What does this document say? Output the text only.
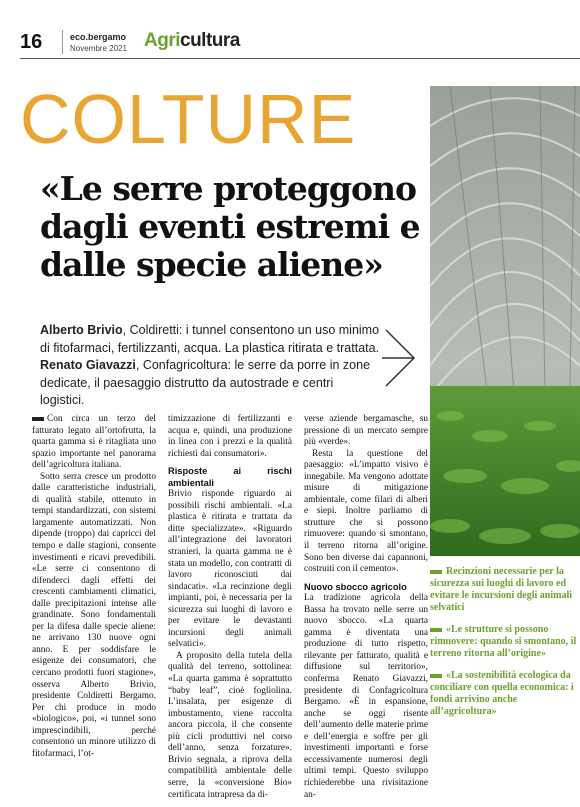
16	eco.bergamo
Novembre 2021 Agricultura
COLTURE
«Le serre proteggono dagli eventi estremi e dalle specie aliene»
Alberto Brivio, Coldiretti: i tunnel consentono un uso minimo di fitofarmaci, fertilizzanti, acqua. La plastica ritirata e trattata. Renato Giavazzi, Confagricoltura: le serre da porre in zone dedicate, il paesaggio distrutto da autostrade e centri logistici.

Con circa un terzo del fatturato legato all’ortofrutta, la quarta gamma si è ritagliata uno spazio importante nel panorama dell’agricoltura italiana.

Sotto serra cresce un prodotto dalle caratteristiche industriali, di qualità stabile, ottenuto in tempi standardizzati, con sistemi largamente automatizzati. Non dipende (troppo) dai capricci del tempo e dalle stagioni, consente investimenti e ricavi prevedibili. «Le serre ci consentono di difenderci dagli effetti dei crescenti cambiamenti climatici, dalle precipitazioni intense alle grandinate. Sono fondamentali per la difesa dalle specie aliene: ne arrivano 130 nuove ogni anno. E per soddisfare le esigenze dei consumatori, che cercano prodotti fuori stagione», osserva Alberto Brivio, presidente Coldiretti Bergamo. Per chi produce in modo «biologico», poi, «i tunnel sono imprescindibili, perché consentono un minore utilizzo di fitofarmaci, l’ot-

timizzazione di fertilizzanti e acqua e, quindi, una produzione in linea con i prezzi e la qualità richiesti dai consumatori».

Risposte ai rischi ambientali

Brivio risponde riguardo ai possibili rischi ambientali. «La plastica è ritirata e trattata da ditte specializzate». «Riguardo all’integrazione dei lavoratori stranieri, la quarta gamma ne è stata un modello, con contratti di lavoro riconosciuti dai sindacati». «La recinzione degli impianti, poi, è necessaria per la sicurezza sui luoghi di lavoro e per evitare le devastanti incursioni degli animali selvatici».

A proposito della tutela della qualità del terreno, sottolinea: «La quarta gamma è soprattutto “baby leaf”, cioè fogliolina. L’insalata, per esigenze di imbustamento, viene raccolta ancora piccola, il che consente più cicli produttivi nel corso dell’anno, senza forzature». Brivio segnala, a riprova della compatibilità ambientale delle serre, la «conversione Bio» certificata intrapresa da di-

verse aziende bergamasche, su pressione di un mercato sempre più «verde».

Resta la questione del paesaggio: «L’impatto visivo è innegabile. Ma vengono adottate misure di mitigazione ambientale, come filari di alberi e siepi. Inoltre parliamo di strutture che si possono rimuovere: quando si smontano, il terreno ritorna all’origine. Sono ben diverse dai capannoni, costruiti con il cemento».

Nuovo sbocco agricolo

La tradizione agricola della Bassa ha trovato nelle serre un nuovo sbocco. «La quarta gamma è diventata una produzione di tutto rispetto, rilevante per fatturato, qualità e diffusione sul territorio», conferma Renato Giavazzi, presidente di Confagricoltura Bergamo. «È in espansione, anche se oggi risente dell’aumento delle materie prime e dell’energia e soffre per gli investimenti importanti e forse eccessivamente numerosi degli ultimi tempi. Questo sviluppo richiederebbe una rivisitazione an-

Recinzioni necessarie per la sicurezza sui luoghi di lavoro ed evitare le incursioni degli animali selvatici
«Le strutture si possono rimuovere: quando si smontano, il terreno ritorna all’origine»
«La sostenibilità ecologica da conciliare con quella economica: i fondi arrivino anche all’agricoltura»
